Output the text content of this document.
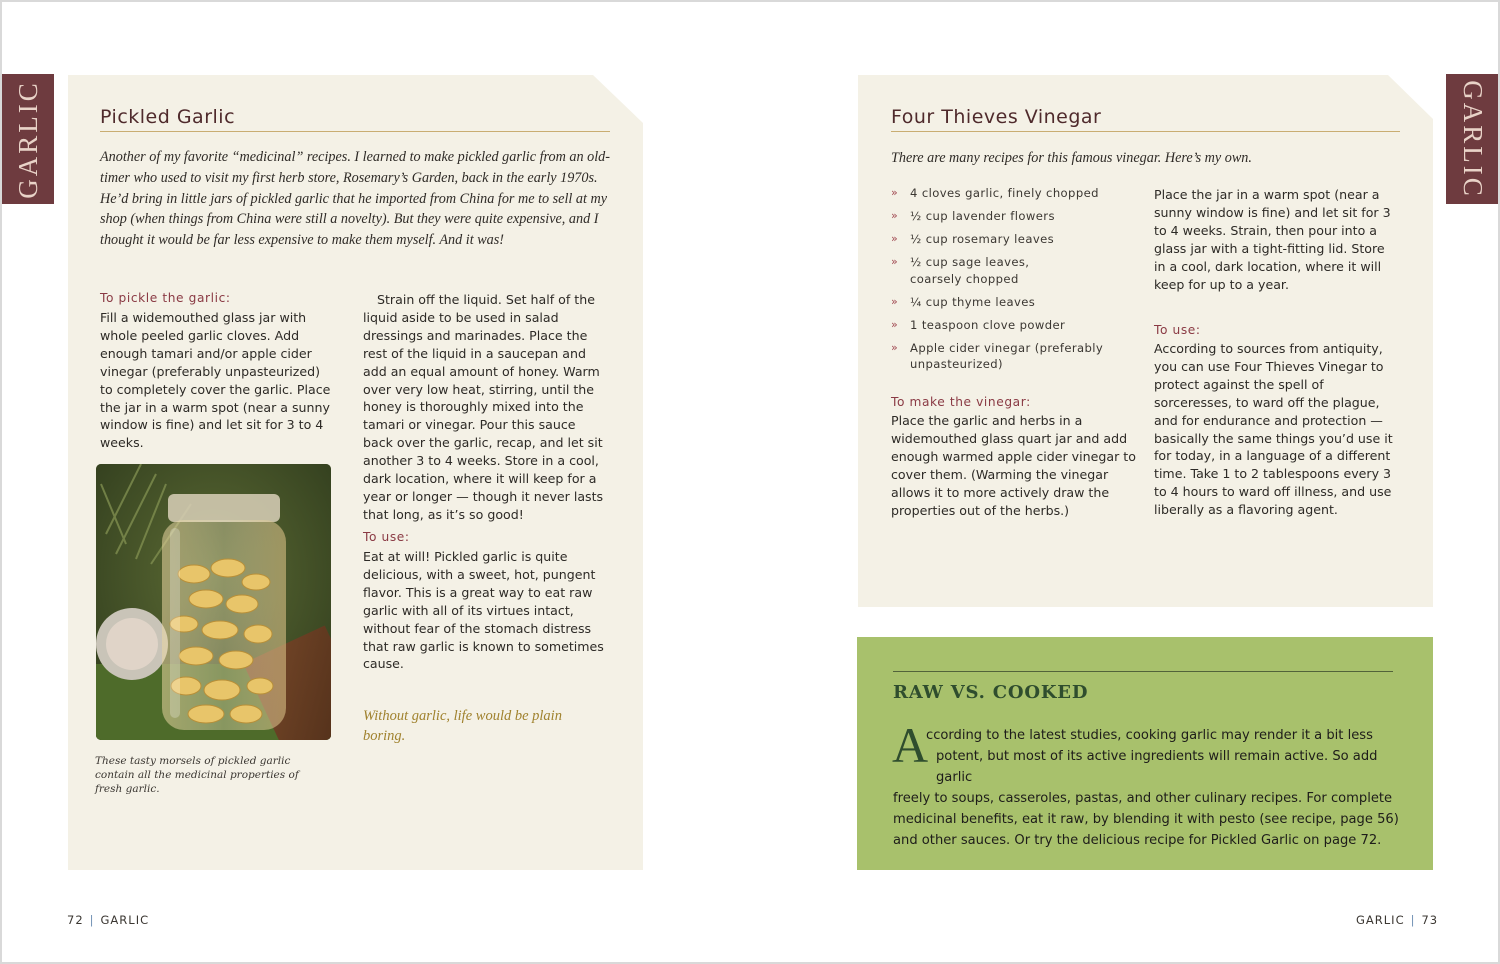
GARLIC	GARLIC
Pickled Garlic
Another of my favorite “medicinal” recipes. I learned to make pickled garlic from an old-timer who used to visit my first herb store, Rosemary’s Garden, back in the early 1970s. He’d bring in little jars of pickled garlic that he imported from China for me to sell at my shop (when things from China were still a novelty). But they were quite expensive, and I thought it would be far less expensive to make them myself. And it was!
To pickle the garlic:
Fill a widemouthed glass jar with whole peeled garlic cloves. Add enough tamari and/or apple cider vinegar (preferably unpasteurized) to completely cover the garlic. Place the jar in a warm spot (near a sunny window is fine) and let sit for 3 to 4 weeks.
Strain off the liquid. Set half of the liquid aside to be used in salad dressings and marinades. Place the rest of the liquid in a saucepan and add an equal amount of honey. Warm over very low heat, stirring, until the honey is thoroughly mixed into the tamari or vinegar. Pour this sauce back over the garlic, recap, and let sit another 3 to 4 weeks. Store in a cool, dark location, where it will keep for a year or longer — though it never lasts that long, as it’s so good!
To use:
Eat at will! Pickled garlic is quite delicious, with a sweet, hot, pungent flavor. This is a great way to eat raw garlic with all of its virtues intact, without fear of the stomach distress that raw garlic is known to sometimes cause.
Without garlic, life would be plain boring.
These tasty morsels of pickled garlic contain all the medicinal properties of fresh garlic.
Four Thieves Vinegar
There are many recipes for this famous vinegar. Here’s my own.
» 4 cloves garlic, finely chopped
» ½ cup lavender flowers
» ½ cup rosemary leaves
» ½ cup sage leaves, coarsely chopped
» ¼ cup thyme leaves
» 1 teaspoon clove powder
» Apple cider vinegar (preferably unpasteurized)
To make the vinegar:
Place the garlic and herbs in a widemouthed glass quart jar and add enough warmed apple cider vinegar to cover them. (Warming the vinegar allows it to more actively draw the properties out of the herbs.)
Place the jar in a warm spot (near a sunny window is fine) and let sit for 3 to 4 weeks. Strain, then pour into a glass jar with a tight-fitting lid. Store in a cool, dark location, where it will keep for up to a year.
To use:
According to sources from antiquity, you can use Four Thieves Vinegar to protect against the spell of sorceresses, to ward off the plague, and for endurance and protection — basically the same things you’d use it for today, in a language of a different time. Take 1 to 2 tablespoons every 3 to 4 hours to ward off illness, and use liberally as a flavoring agent.
RAW VS. COOKED
A
ccording to the latest studies, cooking garlic may render it a bit less
potent, but most of its active ingredients will remain active. So add garlic
freely to soups, casseroles, pastas, and other culinary recipes. For complete medicinal benefits, eat it raw, by blending it with pesto (see recipe, page 56) and other sauces. Or try the delicious recipe for Pickled Garlic on page 72.
72 | GARLIC	GARLIC | 73
